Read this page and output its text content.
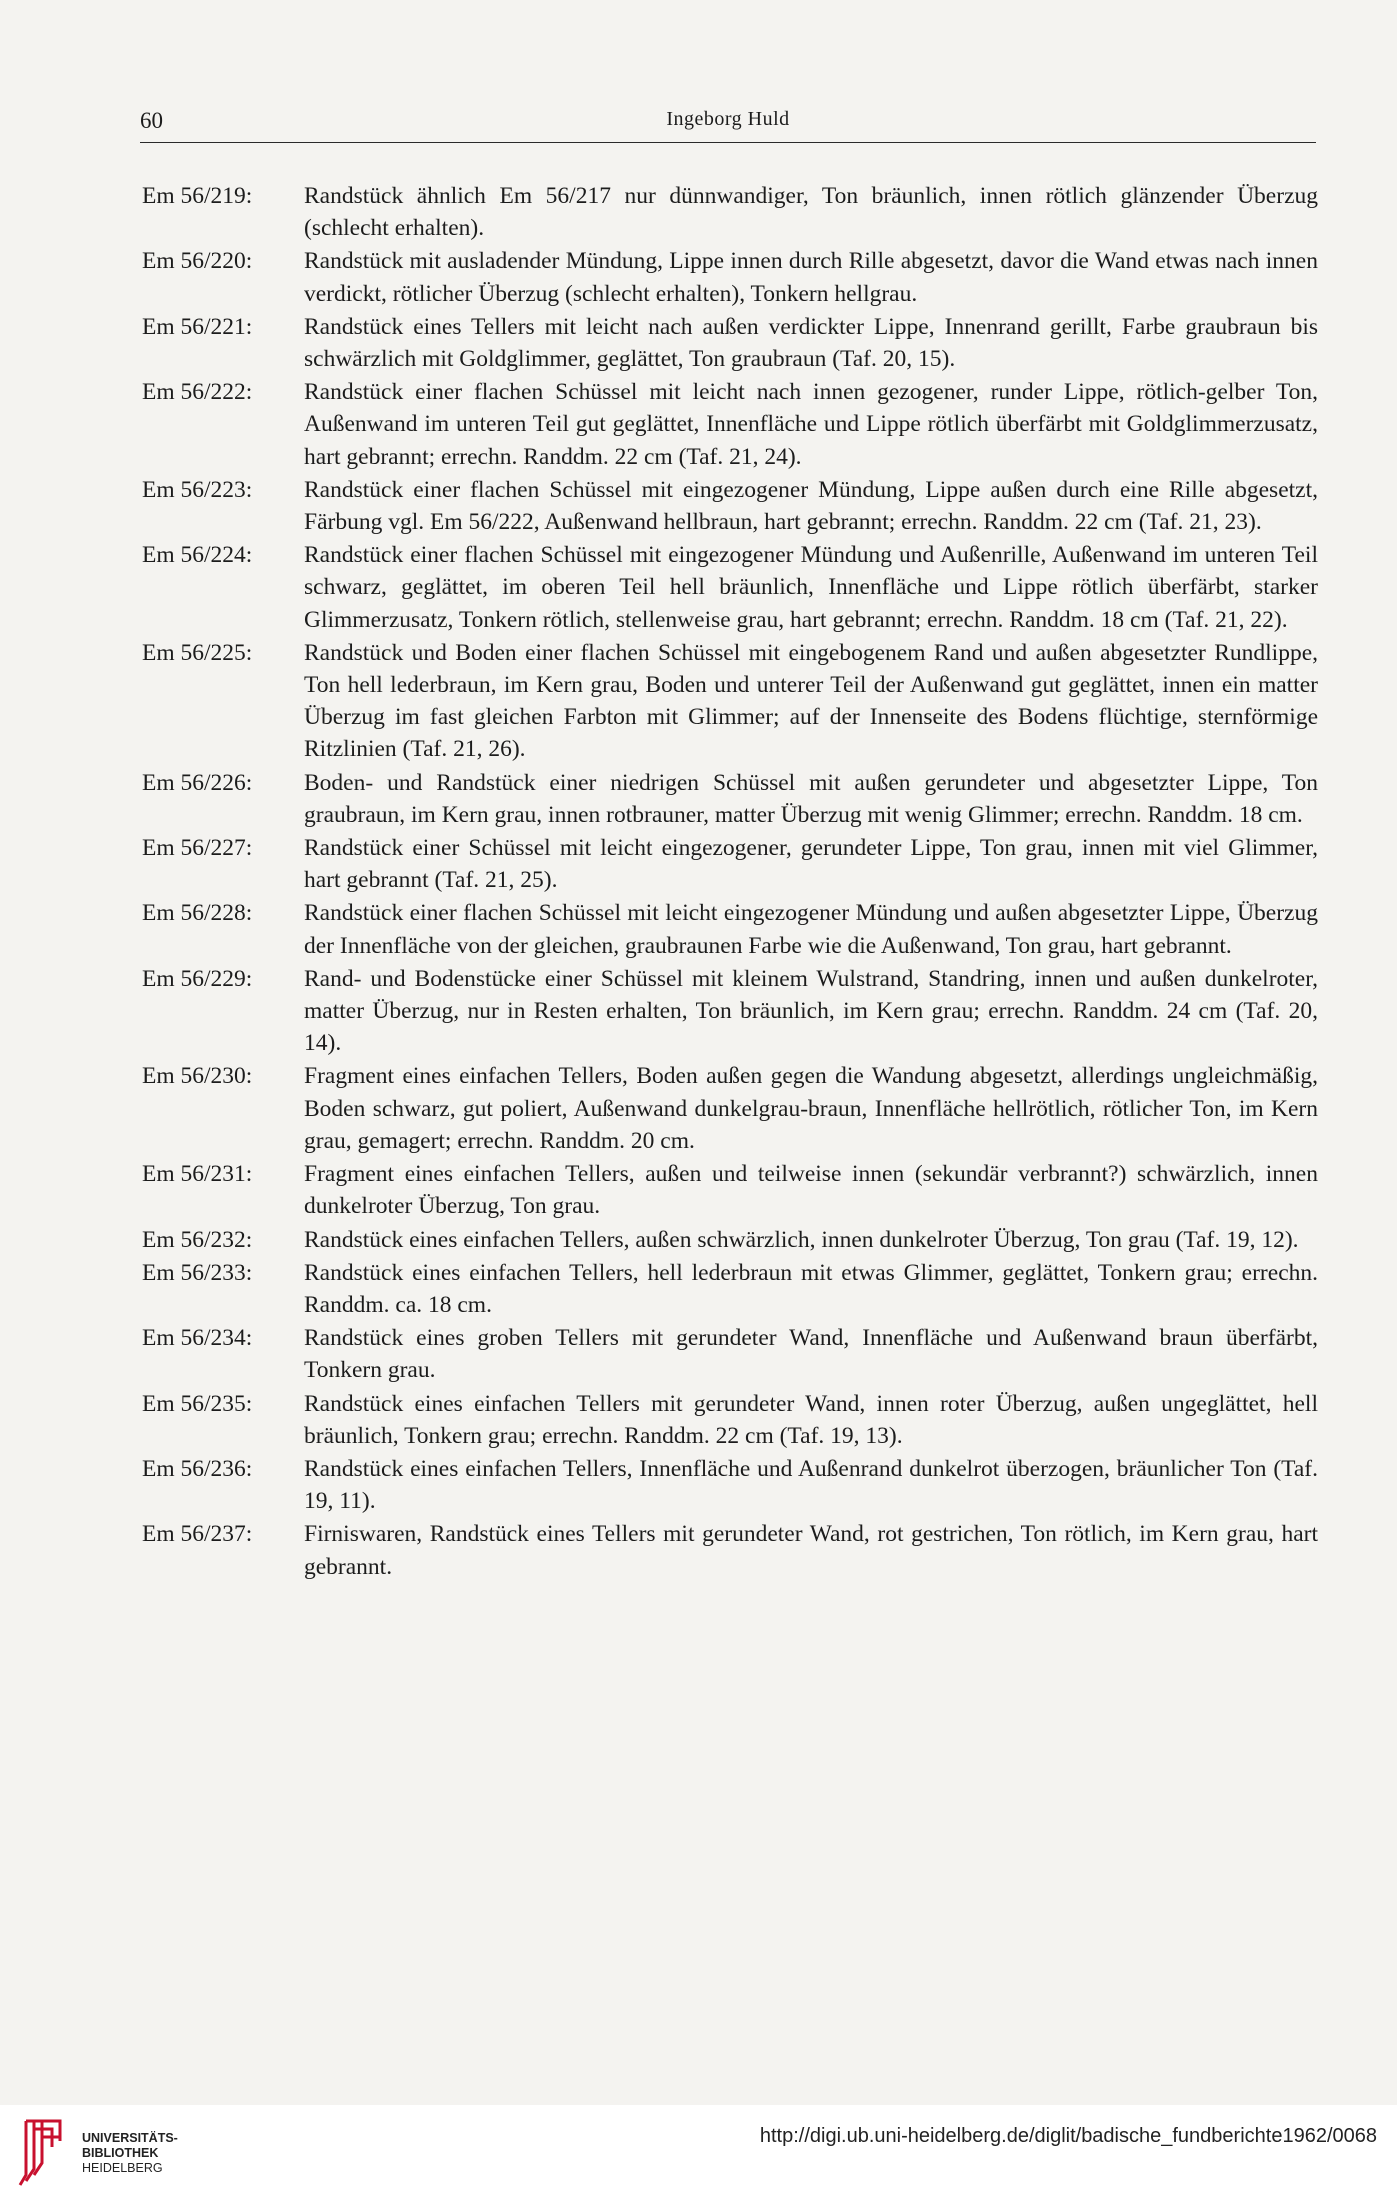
60	Ingeborg Huld
Em 56/219:	Randstück ähnlich Em 56/217 nur dünnwandiger, Ton bräunlich, innen rötlich glänzender Überzug (schlecht erhalten).
Em 56/220:	Randstück mit ausladender Mündung, Lippe innen durch Rille abgesetzt, davor die Wand etwas nach innen verdickt, rötlicher Überzug (schlecht erhalten), Tonkern hellgrau.
Em 56/221:	Randstück eines Tellers mit leicht nach außen verdickter Lippe, Innenrand gerillt, Farbe graubraun bis schwärzlich mit Goldglimmer, geglättet, Ton graubraun (Taf. 20, 15).
Em 56/222:	Randstück einer flachen Schüssel mit leicht nach innen gezogener, runder Lippe, rötlich-gelber Ton, Außenwand im unteren Teil gut geglättet, Innenfläche und Lippe rötlich überfärbt mit Goldglimmerzusatz, hart gebrannt; errechn. Randdm. 22 cm (Taf. 21, 24).
Em 56/223:	Randstück einer flachen Schüssel mit eingezogener Mündung, Lippe außen durch eine Rille abgesetzt, Färbung vgl. Em 56/222, Außenwand hellbraun, hart gebrannt; errechn. Randdm. 22 cm (Taf. 21, 23).
Em 56/224:	Randstück einer flachen Schüssel mit eingezogener Mündung und Außenrille, Außenwand im unteren Teil schwarz, geglättet, im oberen Teil hell bräunlich, Innenfläche und Lippe rötlich überfärbt, starker Glimmerzusatz, Tonkern rötlich, stellenweise grau, hart gebrannt; errechn. Randdm. 18 cm (Taf. 21, 22).
Em 56/225:	Randstück und Boden einer flachen Schüssel mit eingebogenem Rand und außen abgesetzter Rundlippe, Ton hell lederbraun, im Kern grau, Boden und unterer Teil der Außenwand gut geglättet, innen ein matter Überzug im fast gleichen Farbton mit Glimmer; auf der Innenseite des Bodens flüchtige, sternförmige Ritzlinien (Taf. 21, 26).
Em 56/226:	Boden- und Randstück einer niedrigen Schüssel mit außen gerundeter und abgesetzter Lippe, Ton graubraun, im Kern grau, innen rotbrauner, matter Überzug mit wenig Glimmer; errechn. Randdm. 18 cm.
Em 56/227:	Randstück einer Schüssel mit leicht eingezogener, gerundeter Lippe, Ton grau, innen mit viel Glimmer, hart gebrannt (Taf. 21, 25).
Em 56/228:	Randstück einer flachen Schüssel mit leicht eingezogener Mündung und außen abgesetzter Lippe, Überzug der Innenfläche von der gleichen, graubraunen Farbe wie die Außenwand, Ton grau, hart gebrannt.
Em 56/229:	Rand- und Bodenstücke einer Schüssel mit kleinem Wulstrand, Standring, innen und außen dunkelroter, matter Überzug, nur in Resten erhalten, Ton bräunlich, im Kern grau; errechn. Randdm. 24 cm (Taf. 20, 14).
Em 56/230:	Fragment eines einfachen Tellers, Boden außen gegen die Wandung abgesetzt, allerdings ungleichmäßig, Boden schwarz, gut poliert, Außenwand dunkelgrau-braun, Innenfläche hellrötlich, rötlicher Ton, im Kern grau, gemagert; errechn. Randdm. 20 cm.
Em 56/231:	Fragment eines einfachen Tellers, außen und teilweise innen (sekundär verbrannt?) schwärzlich, innen dunkelroter Überzug, Ton grau.
Em 56/232:	Randstück eines einfachen Tellers, außen schwärzlich, innen dunkelroter Überzug, Ton grau (Taf. 19, 12).
Em 56/233:	Randstück eines einfachen Tellers, hell lederbraun mit etwas Glimmer, geglättet, Tonkern grau; errechn. Randdm. ca. 18 cm.
Em 56/234:	Randstück eines groben Tellers mit gerundeter Wand, Innenfläche und Außenwand braun überfärbt, Tonkern grau.
Em 56/235:	Randstück eines einfachen Tellers mit gerundeter Wand, innen roter Überzug, außen ungeglättet, hell bräunlich, Tonkern grau; errechn. Randdm. 22 cm (Taf. 19, 13).
Em 56/236:	Randstück eines einfachen Tellers, Innenfläche und Außenrand dunkelrot überzogen, bräunlicher Ton (Taf. 19, 11).
Em 56/237:	Firniswaren, Randstück eines Tellers mit gerundeter Wand, rot gestrichen, Ton rötlich, im Kern grau, hart gebrannt.
UNIVERSITÄTS-
BIBLIOTHEK
HEIDELBERG
http://digi.ub.uni-heidelberg.de/diglit/badische_fundberichte1962/0068
